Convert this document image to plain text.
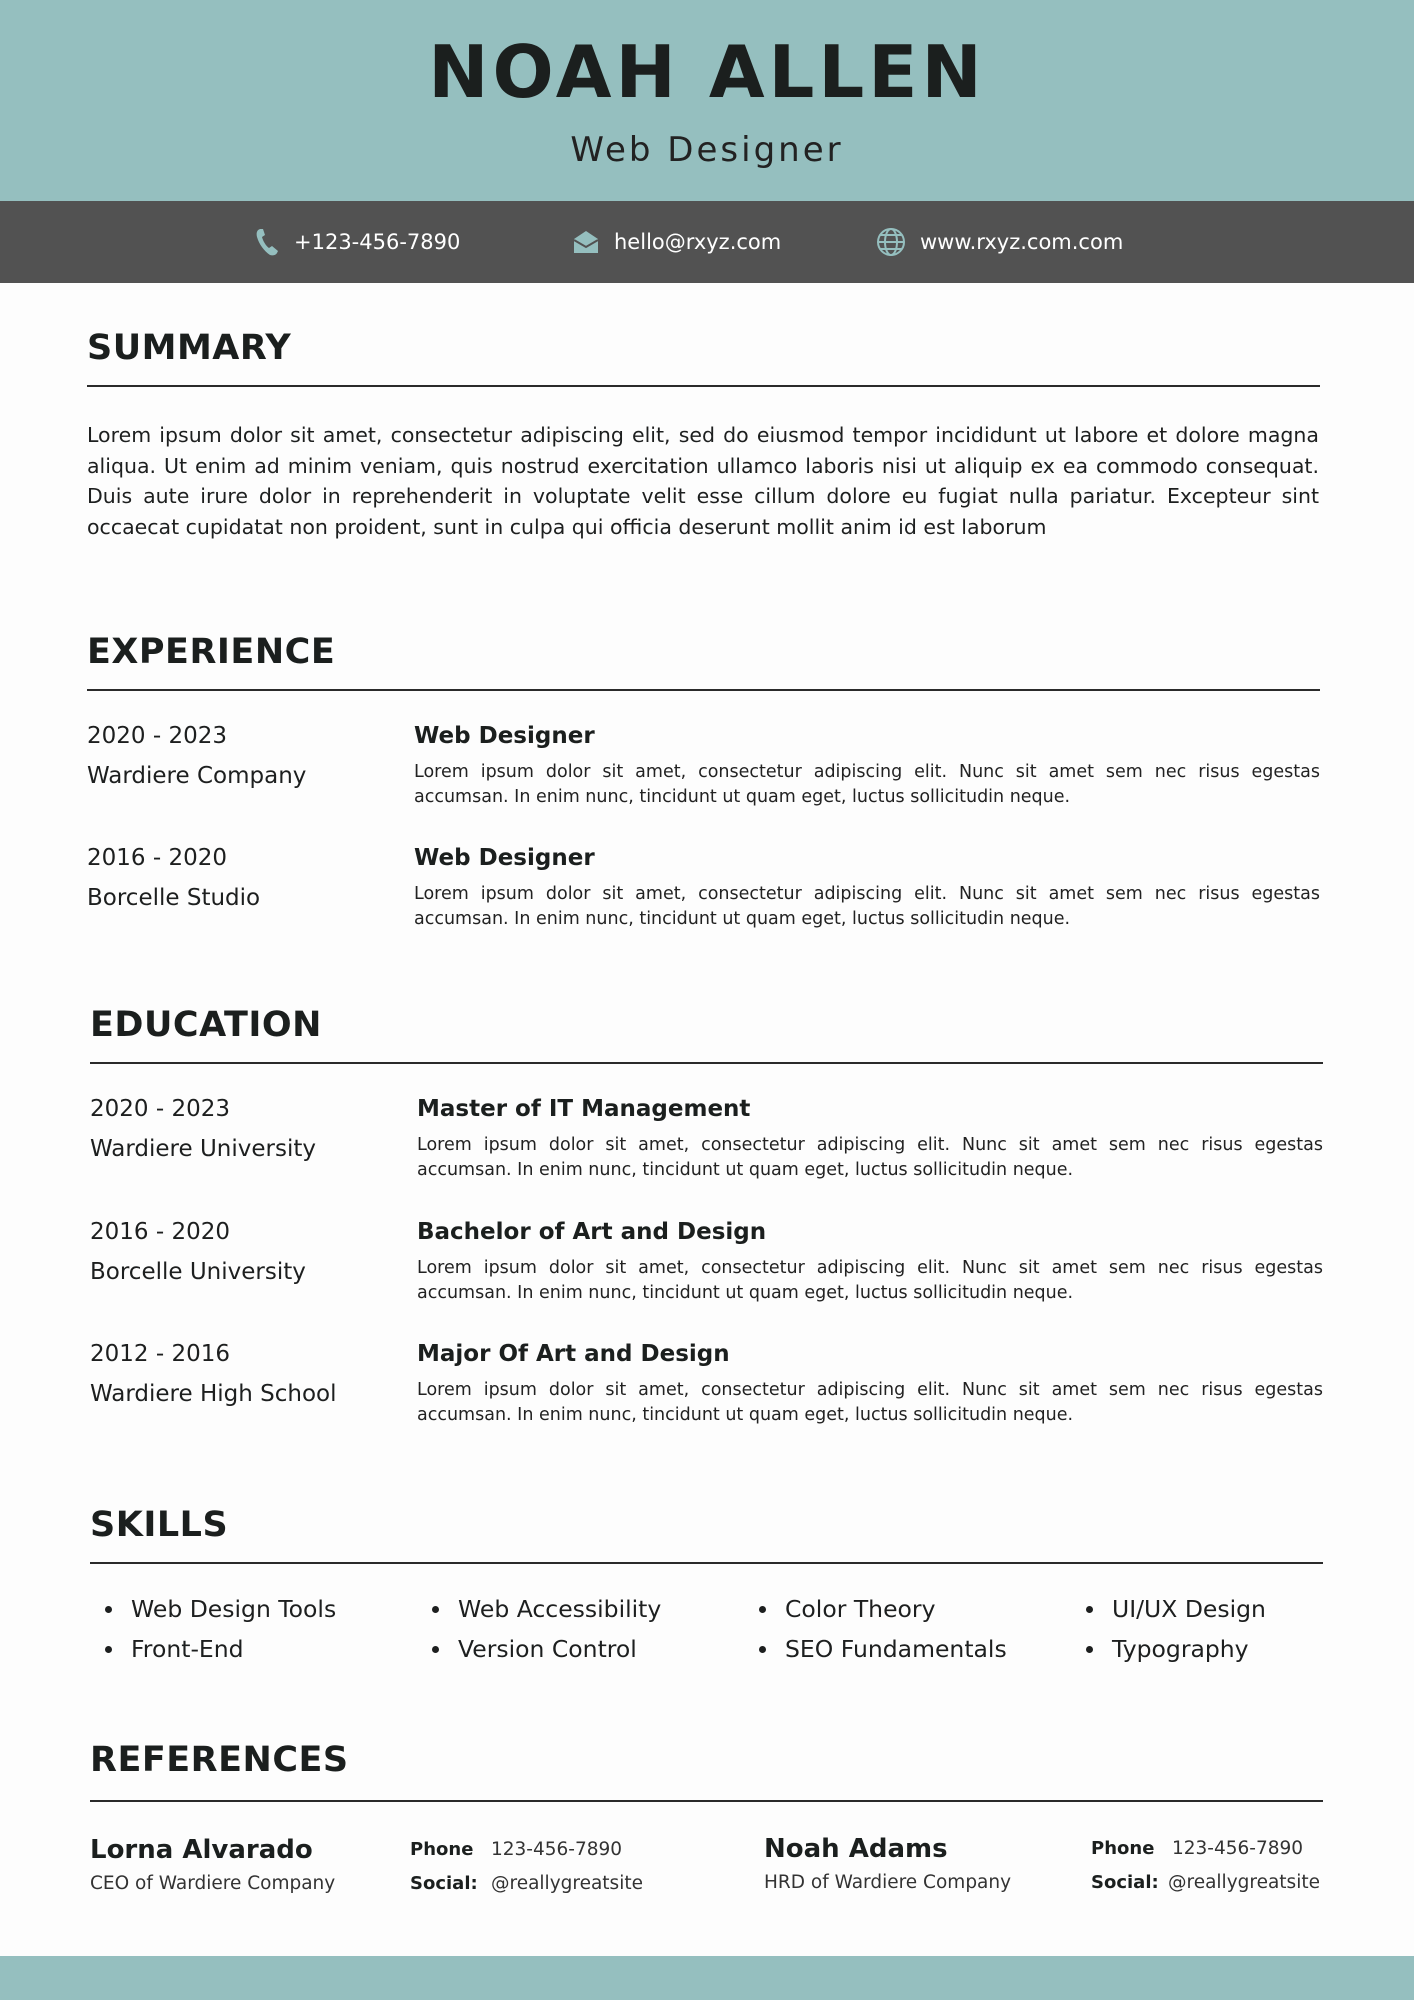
NOAH ALLEN
Web Designer
+123-456-7890	hello@rxyz.com	www.rxyz.com.com
SUMMARY
Lorem ipsum dolor sit amet, consectetur adipiscing elit, sed do eiusmod tempor incididunt ut labore et dolore magna aliqua. Ut enim ad minim veniam, quis nostrud exercitation ullamco laboris nisi ut aliquip ex ea commodo consequat. Duis aute irure dolor in reprehenderit in voluptate velit esse cillum dolore eu fugiat nulla pariatur. Excepteur sint occaecat cupidatat non proident, sunt in culpa qui officia deserunt mollit anim id est laborum
EXPERIENCE
2020 - 2023
Wardiere Company
Web Designer
Lorem ipsum dolor sit amet, consectetur adipiscing elit. Nunc sit amet sem nec risus egestas accumsan. In enim nunc, tincidunt ut quam eget, luctus sollicitudin neque.
2016 - 2020
Borcelle Studio
Web Designer
Lorem ipsum dolor sit amet, consectetur adipiscing elit. Nunc sit amet sem nec risus egestas accumsan. In enim nunc, tincidunt ut quam eget, luctus sollicitudin neque.
EDUCATION
2020 - 2023
Wardiere University
Master of IT Management
Lorem ipsum dolor sit amet, consectetur adipiscing elit. Nunc sit amet sem nec risus egestas accumsan. In enim nunc, tincidunt ut quam eget, luctus sollicitudin neque.
2016 - 2020
Borcelle University
Bachelor of Art and Design
Lorem ipsum dolor sit amet, consectetur adipiscing elit. Nunc sit amet sem nec risus egestas accumsan. In enim nunc, tincidunt ut quam eget, luctus sollicitudin neque.
2012 - 2016
Wardiere High School
Major Of Art and Design
Lorem ipsum dolor sit amet, consectetur adipiscing elit. Nunc sit amet sem nec risus egestas accumsan. In enim nunc, tincidunt ut quam eget, luctus sollicitudin neque.
SKILLS
Web Design Tools
Front-End
Web Accessibility
Version Control
Color Theory
SEO Fundamentals
UI/UX Design
Typography
REFERENCES
Lorna Alvarado
CEO of Wardiere Company
Phone 123-456-7890
Social: @reallygreatsite
Noah Adams
HRD of Wardiere Company
Phone 123-456-7890
Social: @reallygreatsite
